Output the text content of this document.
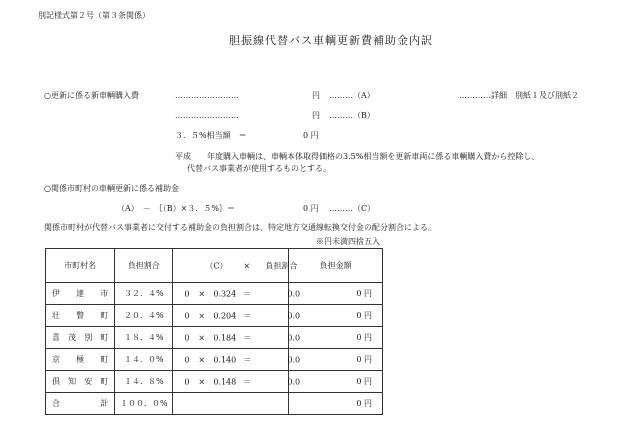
別記様式第２号（第３条関係）
胆振線代替バス車輌更新費補助金内訳
○更新に係る新車輌購入費	……………………	円 ………（A）	…………詳細　別紙１及び別紙２
……………………	円 ………（B）
３．５%相当額　＝	0 円
平成　　年度購入車輌は、車輌本体取得価格の3.5%相当額を更新車両に係る車輌購入費から控除し、
代替バス事業者が使用するものとする。
○関係市町村の車輌更新に係る補助金
（A）　－　｛（B）×３．５%｝＝	0 円 ………（C）
関係市町村が代替バス事業者に交付する補助金の負担割合は、特定地方交通線転換交付金の配分割合による。
※円未満四捨五入
市町村名	負担割合	（C） × 負担割合	負担金額
伊達市	３２．４%	0 × 0.324 ＝ 0.0	0 円
壮瞥町	２０．４%	0 × 0.204 ＝ 0.0	0 円
喜茂別町	１８．４%	0 × 0.184 ＝ 0.0	0 円
京極町	１４．０%	0 × 0.140 ＝ 0.0	0 円
倶知安町	１４．８%	0 × 0.148 ＝ 0.0	0 円
合計	１００．０%		0 円
